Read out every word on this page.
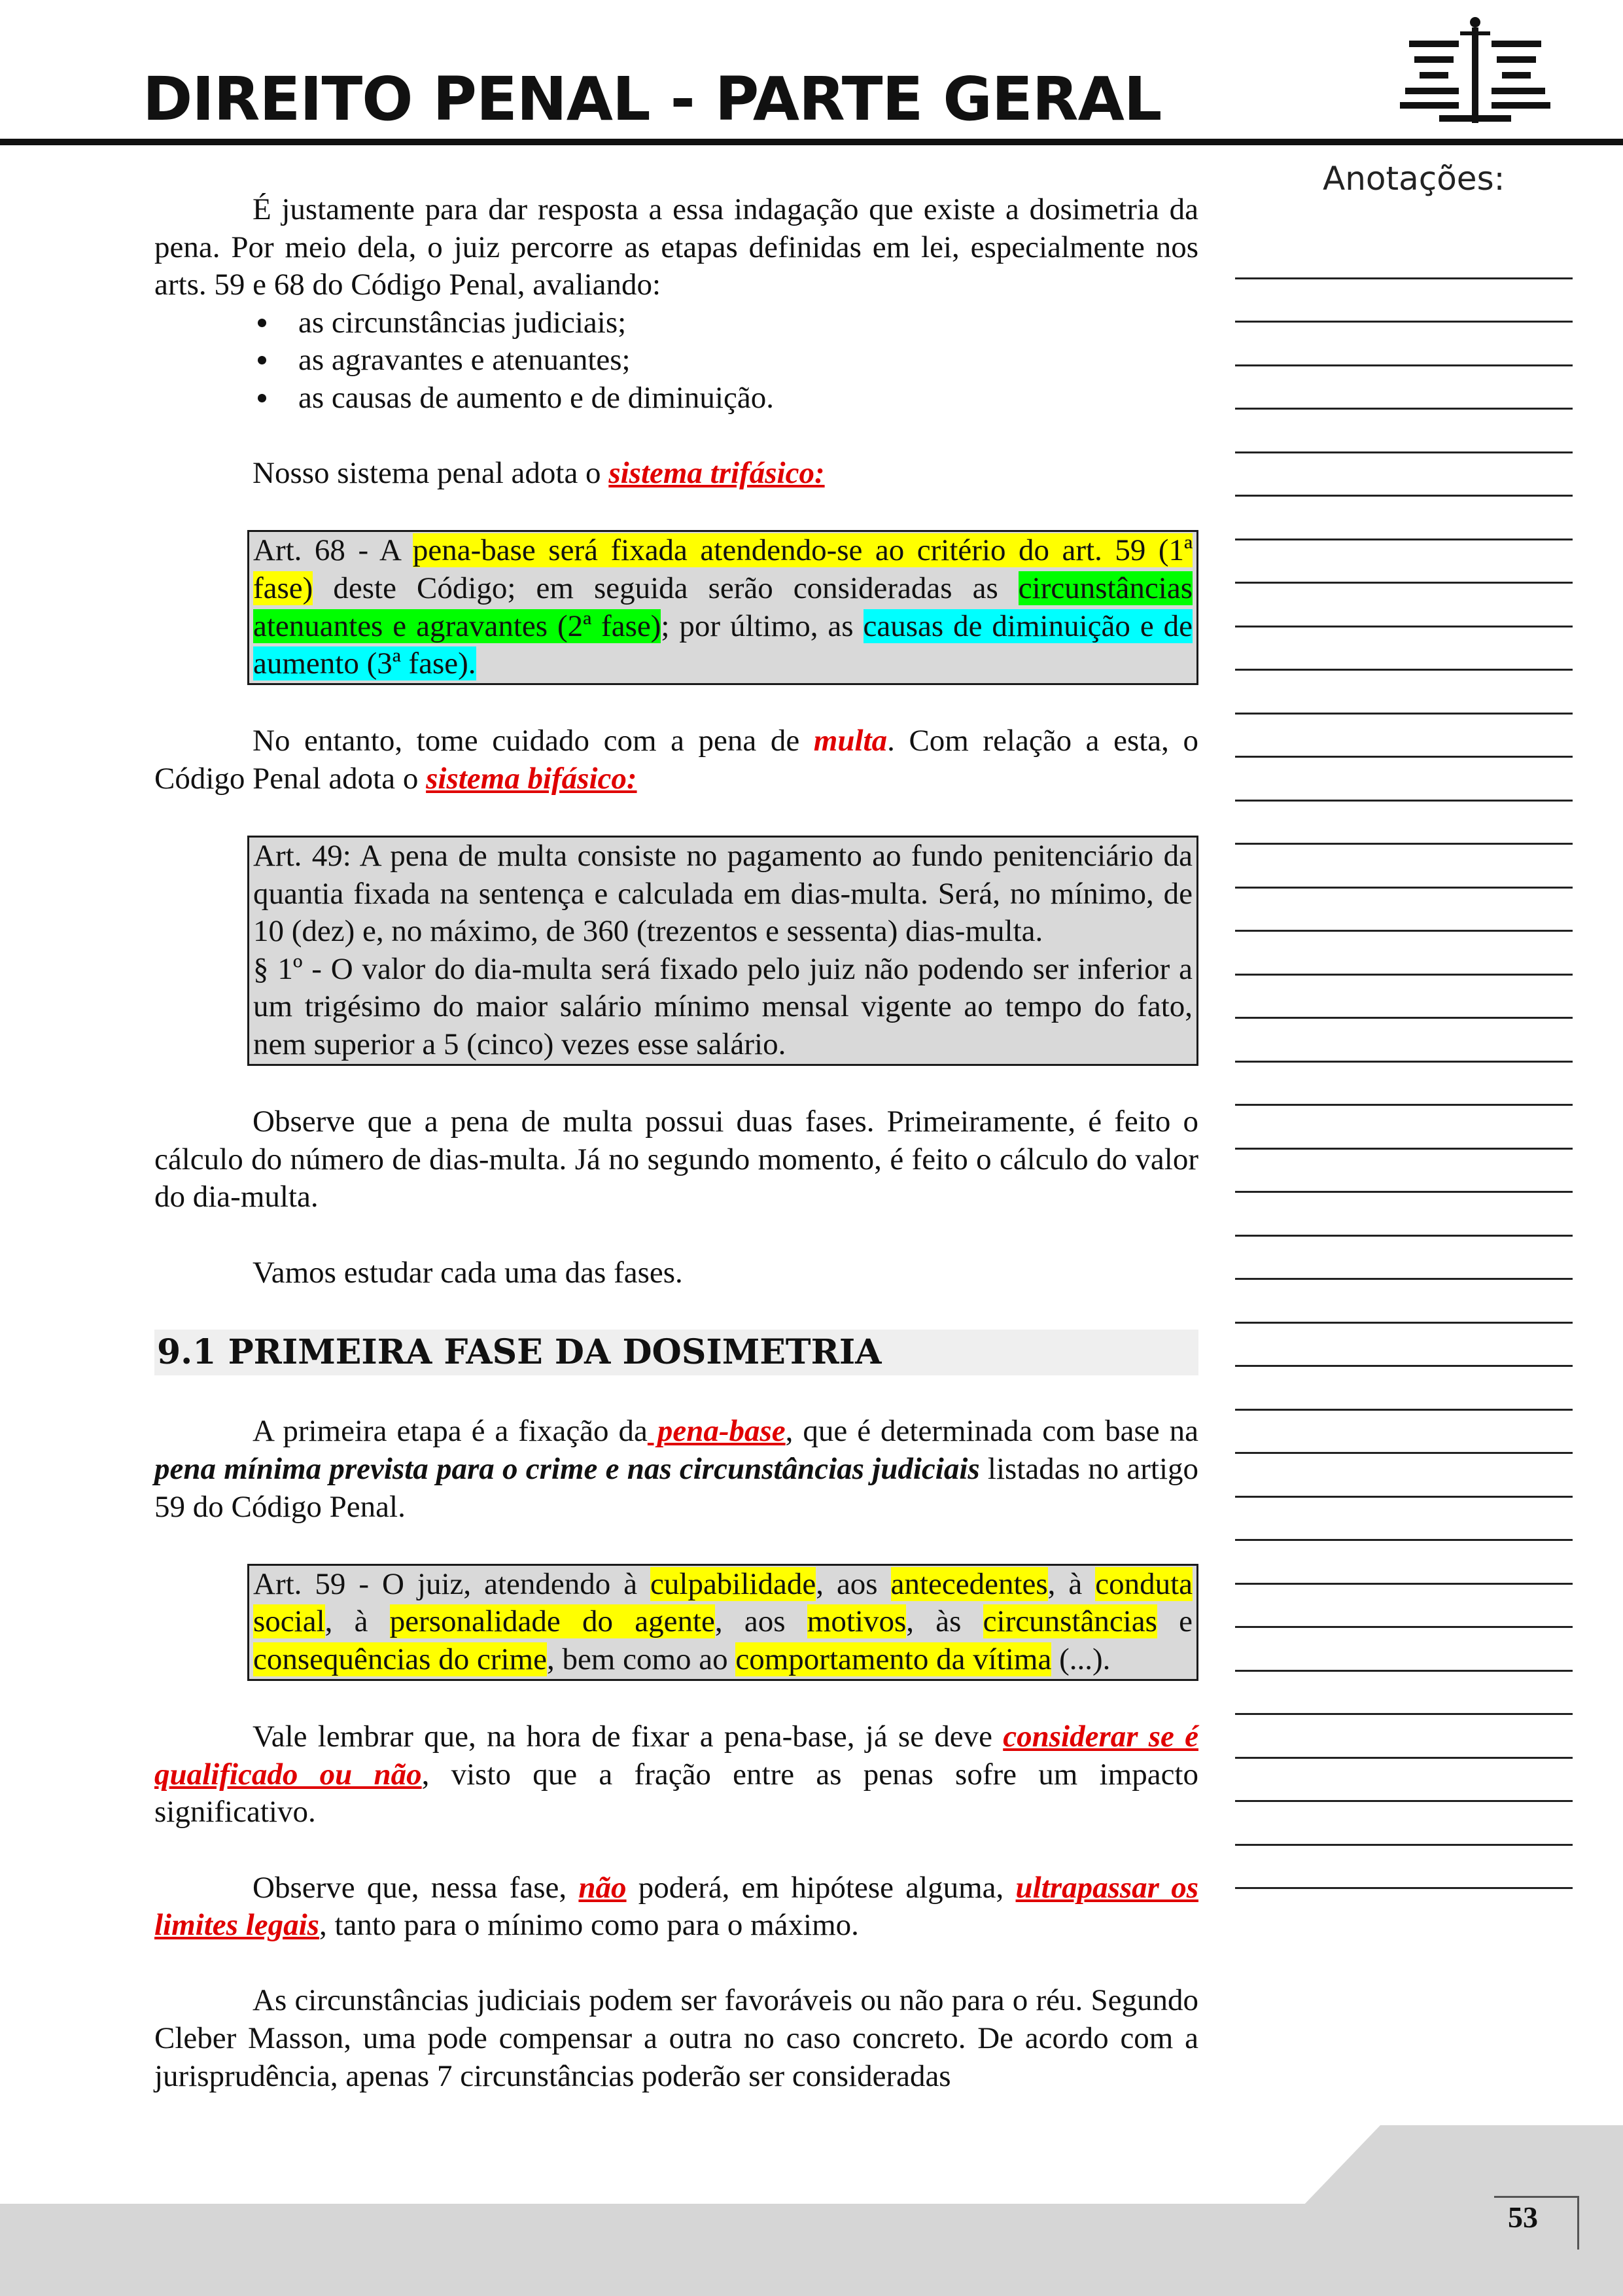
DIREITO PENAL - PARTE GERAL
Anotações:

É justamente para dar resposta a essa indagação que existe a dosimetria da pena. Por meio dela, o juiz percorre as etapas definidas em lei, especialmente nos arts. 59 e 68 do Código Penal, avaliando:

as circunstâncias judiciais;
as agravantes e atenuantes;
as causas de aumento e de diminuição.

Nosso sistema penal adota o sistema trifásico:

Art. 68 - A pena-base será fixada atendendo-se ao critério do art. 59 (1ª fase) deste Código; em seguida serão consideradas as circunstâncias atenuantes e agravantes (2ª fase); por último, as causas de diminuição e de aumento (3ª fase).

No entanto, tome cuidado com a pena de multa. Com relação a esta, o Código Penal adota o sistema bifásico:

Art. 49: A pena de multa consiste no pagamento ao fundo penitenciário da quantia fixada na sentença e calculada em dias-multa. Será, no mínimo, de 10 (dez) e, no máximo, de 360 (trezentos e sessenta) dias-multa.
§ 1º - O valor do dia-multa será fixado pelo juiz não podendo ser inferior a um trigésimo do maior salário mínimo mensal vigente ao tempo do fato, nem superior a 5 (cinco) vezes esse salário.

Observe que a pena de multa possui duas fases. Primeiramente, é feito o cálculo do número de dias-multa. Já no segundo momento, é feito o cálculo do valor do dia-multa.

Vamos estudar cada uma das fases.

9.1 PRIMEIRA FASE DA DOSIMETRIA

A primeira etapa é a fixação da pena-base, que é determinada com base na pena mínima prevista para o crime e nas circunstâncias judiciais listadas no artigo 59 do Código Penal.

Art. 59 - O juiz, atendendo à culpabilidade, aos antecedentes, à conduta social, à personalidade do agente, aos motivos, às circunstâncias e consequências do crime, bem como ao comportamento da vítima (...).

Vale lembrar que, na hora de fixar a pena-base, já se deve considerar se é qualificado ou não, visto que a fração entre as penas sofre um impacto significativo.

Observe que, nessa fase, não poderá, em hipótese alguma, ultrapassar os limites legais, tanto para o mínimo como para o máximo.

As circunstâncias judiciais podem ser favoráveis ou não para o réu. Segundo Cleber Masson, uma pode compensar a outra no caso concreto. De acordo com a jurisprudência, apenas 7 circunstâncias poderão ser consideradas

53
